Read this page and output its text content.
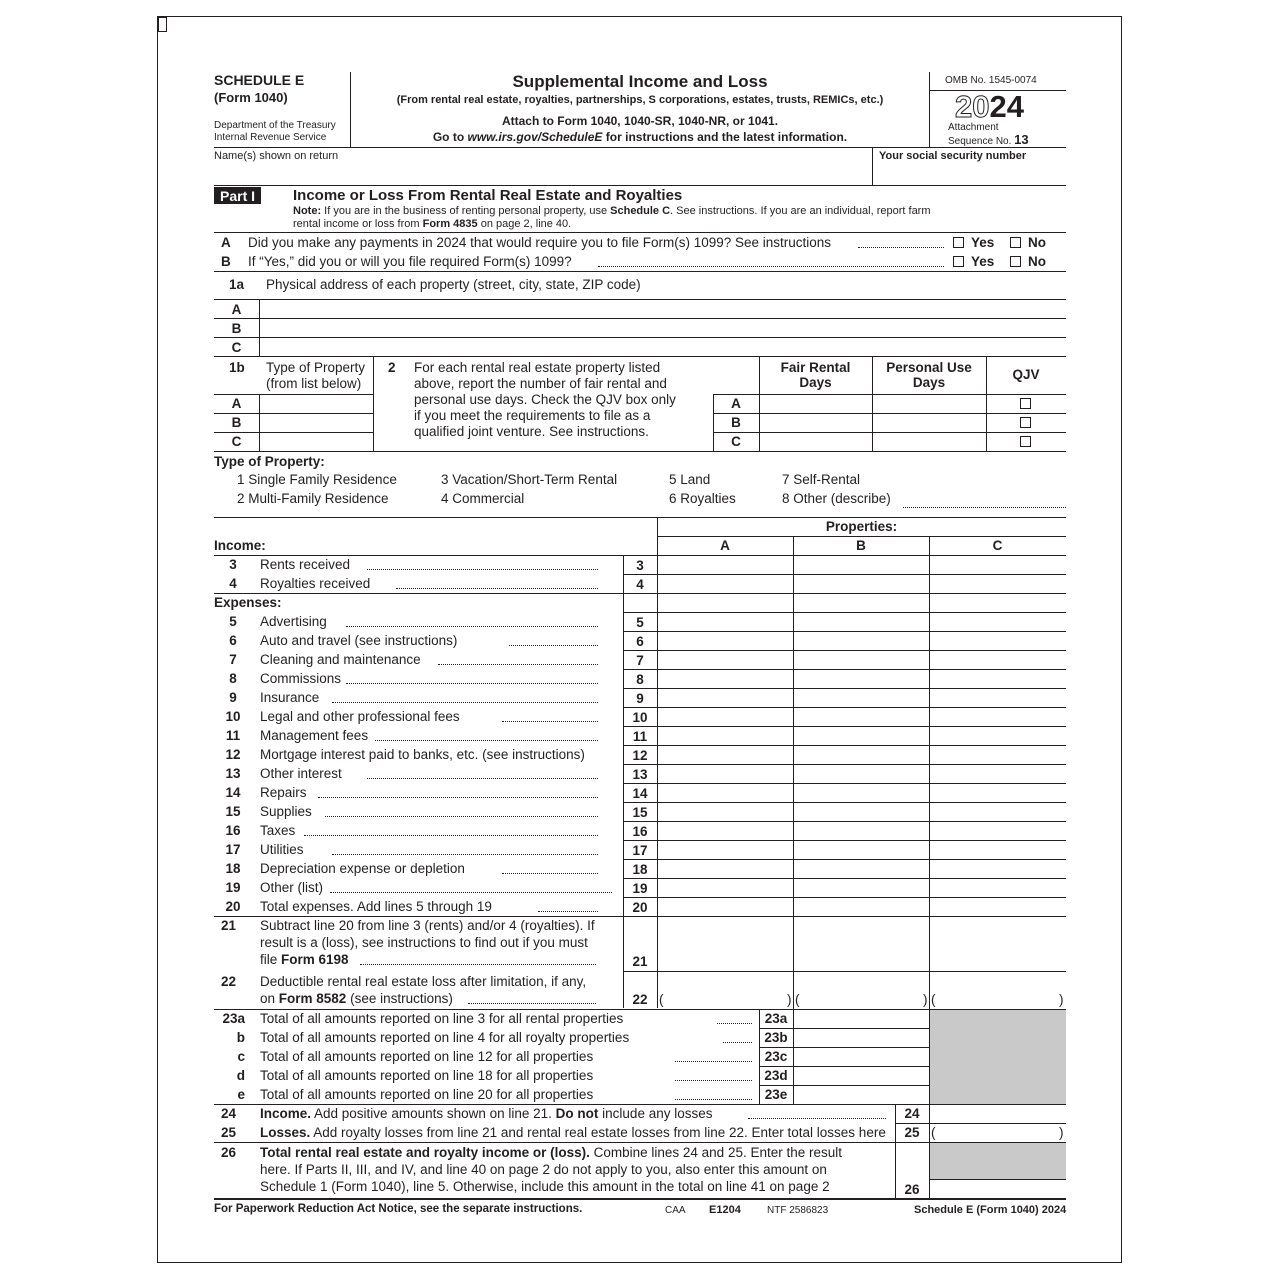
SCHEDULE E
(Form 1040)
Department of the Treasury
Internal Revenue Service
Supplemental Income and Loss
(From rental real estate, royalties, partnerships, S corporations, estates, trusts, REMICs, etc.)
Attach to Form 1040, 1040-SR, 1040-NR, or 1041.
Go to www.irs.gov/ScheduleE for instructions and the latest information.
OMB No. 1545-0074
2024
Attachment
Sequence No. 13
Name(s) shown on return	Your social security number
Part I	Income or Loss From Rental Real Estate and Royalties
Note: If you are in the business of renting personal property, use Schedule C. See instructions. If you are an individual, report farm
rental income or loss from Form 4835 on page 2, line 40.
A Did you make any payments in 2024 that would require you to file Form(s) 1099? See instructions	Yes No
B If “Yes,” did you or will you file required Form(s) 1099?	Yes No
1a Physical address of each property (street, city, state, ZIP code)
A
B
C
1b Type of Property
(from list below)
A
B
C
2 For each rental real estate property listed
above, report the number of fair rental and
personal use days. Check the QJV box only
if you meet the requirements to file as a
qualified joint venture. See instructions.
Fair Rental
Days
Personal Use
Days
QJV
A
B
C
Type of Property:
1 Single Family Residence
2 Multi-Family Residence
3 Vacation/Short-Term Rental
4 Commercial
5 Land
6 Royalties
7 Self-Rental
8 Other (describe)
Properties:
A	B	C
Income:
3	Rents received	3
4	Royalties received	4
5	Advertising	5
6	Auto and travel (see instructions)	6
7	Cleaning and maintenance	7
8	Commissions	8
9	Insurance	9
10	Legal and other professional fees	10
11	Management fees	11
12	Mortgage interest paid to banks, etc. (see instructions)	12
13	Other interest	13
14	Repairs	14
15	Supplies	15
16	Taxes	16
17	Utilities	17
18	Depreciation expense or depletion	18
19	Other (list)	19
20	Total expenses. Add lines 5 through 19	20
Expenses:
21 Subtract line 20 from line 3 (rents) and/or 4 (royalties). If
result is a (loss), see instructions to find out if you must
file Form 6198	21
22 Deductible rental real estate loss after limitation, if any,
on Form 8582 (see instructions)	22 (	) (	) (	)
23a Total of all amounts reported on line 3 for all rental properties	23a
b Total of all amounts reported on line 4 for all royalty properties	23b
c Total of all amounts reported on line 12 for all properties	23c
d Total of all amounts reported on line 18 for all properties	23d
e Total of all amounts reported on line 20 for all properties	23e
24 Income. Add positive amounts shown on line 21. Do not include any losses	24
25 Losses. Add royalty losses from line 21 and rental real estate losses from line 22. Enter total losses here	25 (	)
26 Total rental real estate and royalty income or (loss). Combine lines 24 and 25. Enter the result
here. If Parts II, III, and IV, and line 40 on page 2 do not apply to you, also enter this amount on
Schedule 1 (Form 1040), line 5. Otherwise, include this amount in the total on line 41 on page 2	26
For Paperwork Reduction Act Notice, see the separate instructions.	CAA E1204	NTF 2586823	Schedule E (Form 1040) 2024
